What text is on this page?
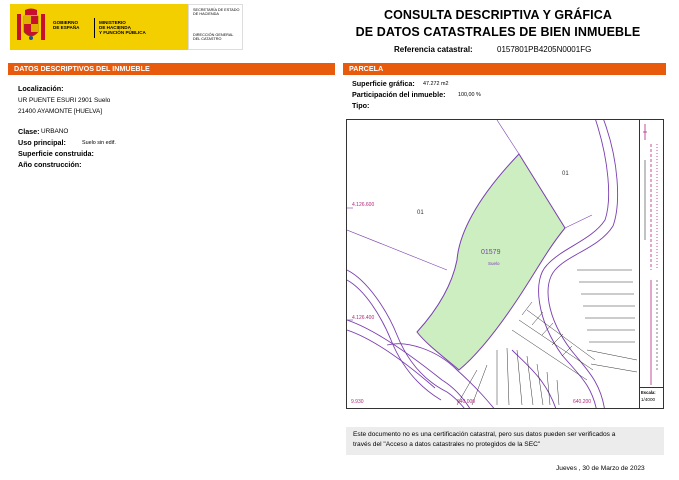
GOBIERNO
DE ESPAÑA
MINISTERIO
DE HACIENDA
Y FUNCIÓN PÚBLICA
SECRETARÍA DE ESTADO
DE HACIENDA
DIRECCIÓN GENERAL
DEL CATASTRO
CONSULTA DESCRIPTIVA Y GRÁFICA
DE DATOS CATASTRALES DE BIEN INMUEBLE
Referencia catastral:	0157801PB4205N0001FG
DATOS DESCRIPTIVOS DEL INMUEBLE
Localización:
UR PUENTE ESURI 2901 Suelo
21400 AYAMONTE [HUELVA]
Clase: URBANO
Uso principal:	Suelo sin edif.
Superficie construida:
Año construcción:
PARCELA
Superficie gráfica: 47.272 m2
Participación del inmueble: 100,00 %
Tipo:
4.126.600
4.126.400
9.930	640.000	640.200
01579
Suelo
01
01
Escala:
1/4000
Este documento no es una certificación catastral, pero sus datos pueden ser verificados a
través del "Acceso a datos catastrales no protegidos de la SEC"
Jueves , 30 de Marzo de 2023
